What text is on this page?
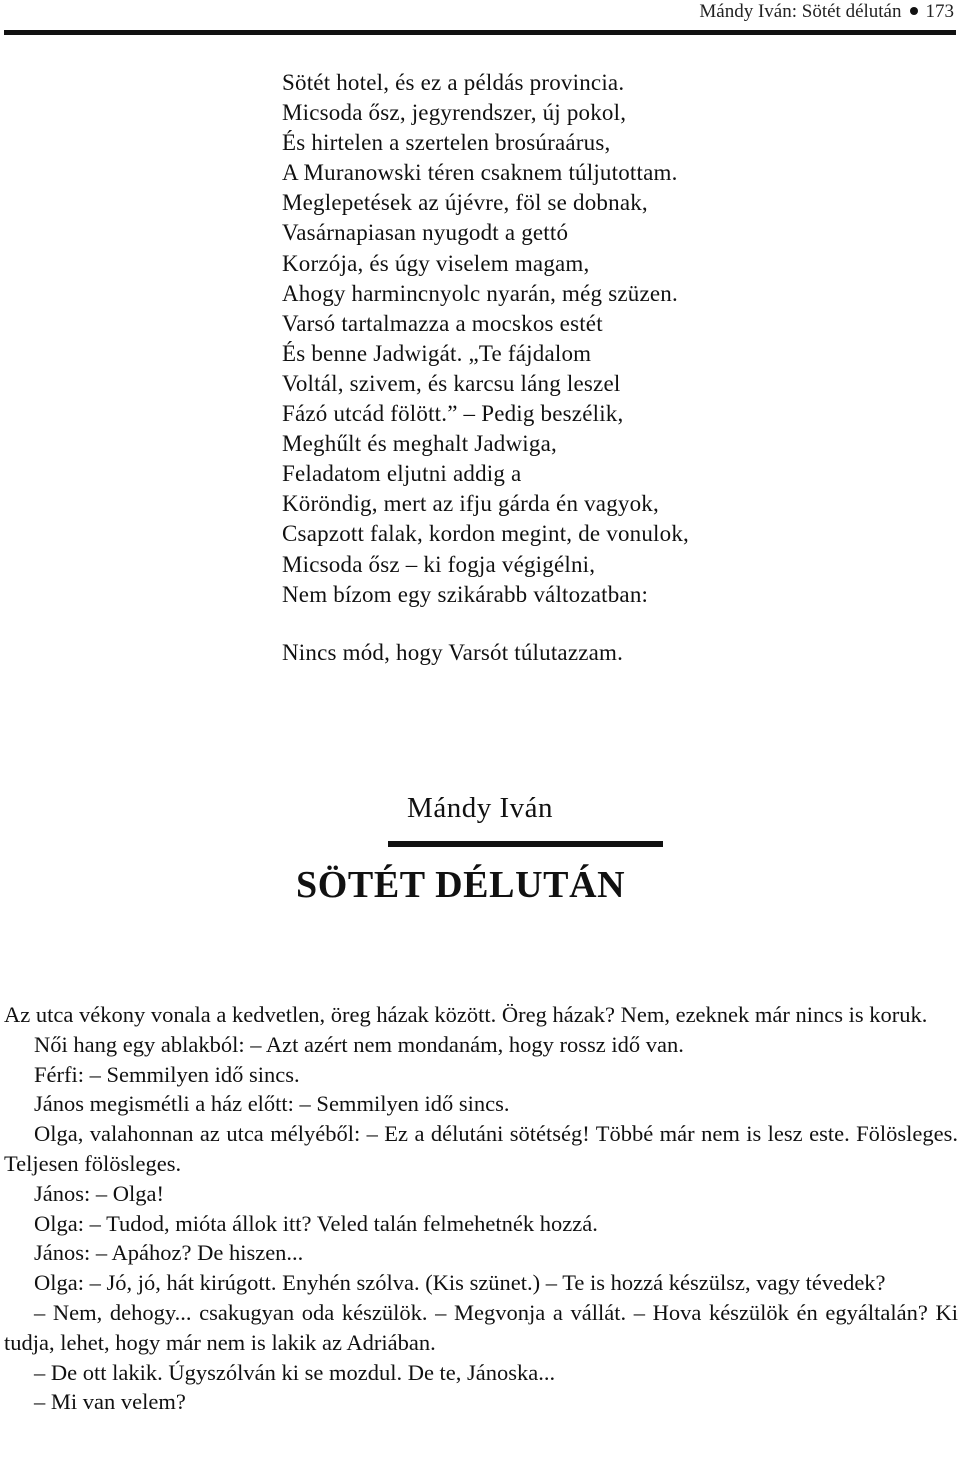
Mándy Iván: Sötét délután 173
Sötét hotel, és ez a példás provincia.
Micsoda ősz, jegyrendszer, új pokol,
És hirtelen a szertelen brosúraárus,
A Muranowski téren csaknem túljutottam.
Meglepetések az újévre, föl se dobnak,
Vasárnapiasan nyugodt a gettó
Korzója, és úgy viselem magam,
Ahogy harmincnyolc nyarán, még szüzen.
Varsó tartalmazza a mocskos estét
És benne Jadwigát. „Te fájdalom
Voltál, szivem, és karcsu láng leszel
Fázó utcád fölött.” – Pedig beszélik,
Meghűlt és meghalt Jadwiga,
Feladatom eljutni addig a
Köröndig, mert az ifju gárda én vagyok,
Csapzott falak, kordon megint, de vonulok,
Micsoda ősz – ki fogja végigélni,
Nem bízom egy szikárabb változatban:
Nincs mód, hogy Varsót túlutazzam.
Mándy Iván
SÖTÉT DÉLUTÁN

Az utca vékony vonala a kedvetlen, öreg házak között. Öreg házak? Nem, ezeknek már nincs is koruk.

Női hang egy ablakból: – Azt azért nem mondanám, hogy rossz idő van.

Férfi: – Semmilyen idő sincs.

János megismétli a ház előtt: – Semmilyen idő sincs.

Olga, valahonnan az utca mélyéből: – Ez a délutáni sötétség! Többé már nem is lesz este. Fölösleges. Teljesen fölösleges.

János: – Olga!

Olga: – Tudod, mióta állok itt? Veled talán felmehetnék hozzá.

János: – Apához? De hiszen...

Olga: – Jó, jó, hát kirúgott. Enyhén szólva. (Kis szünet.) – Te is hozzá készülsz, vagy tévedek?

– Nem, dehogy... csakugyan oda készülök. – Megvonja a vállát. – Hova készülök én egyáltalán? Ki tudja, lehet, hogy már nem is lakik az Adriában.

– De ott lakik. Úgyszólván ki se mozdul. De te, Jánoska...

– Mi van velem?
